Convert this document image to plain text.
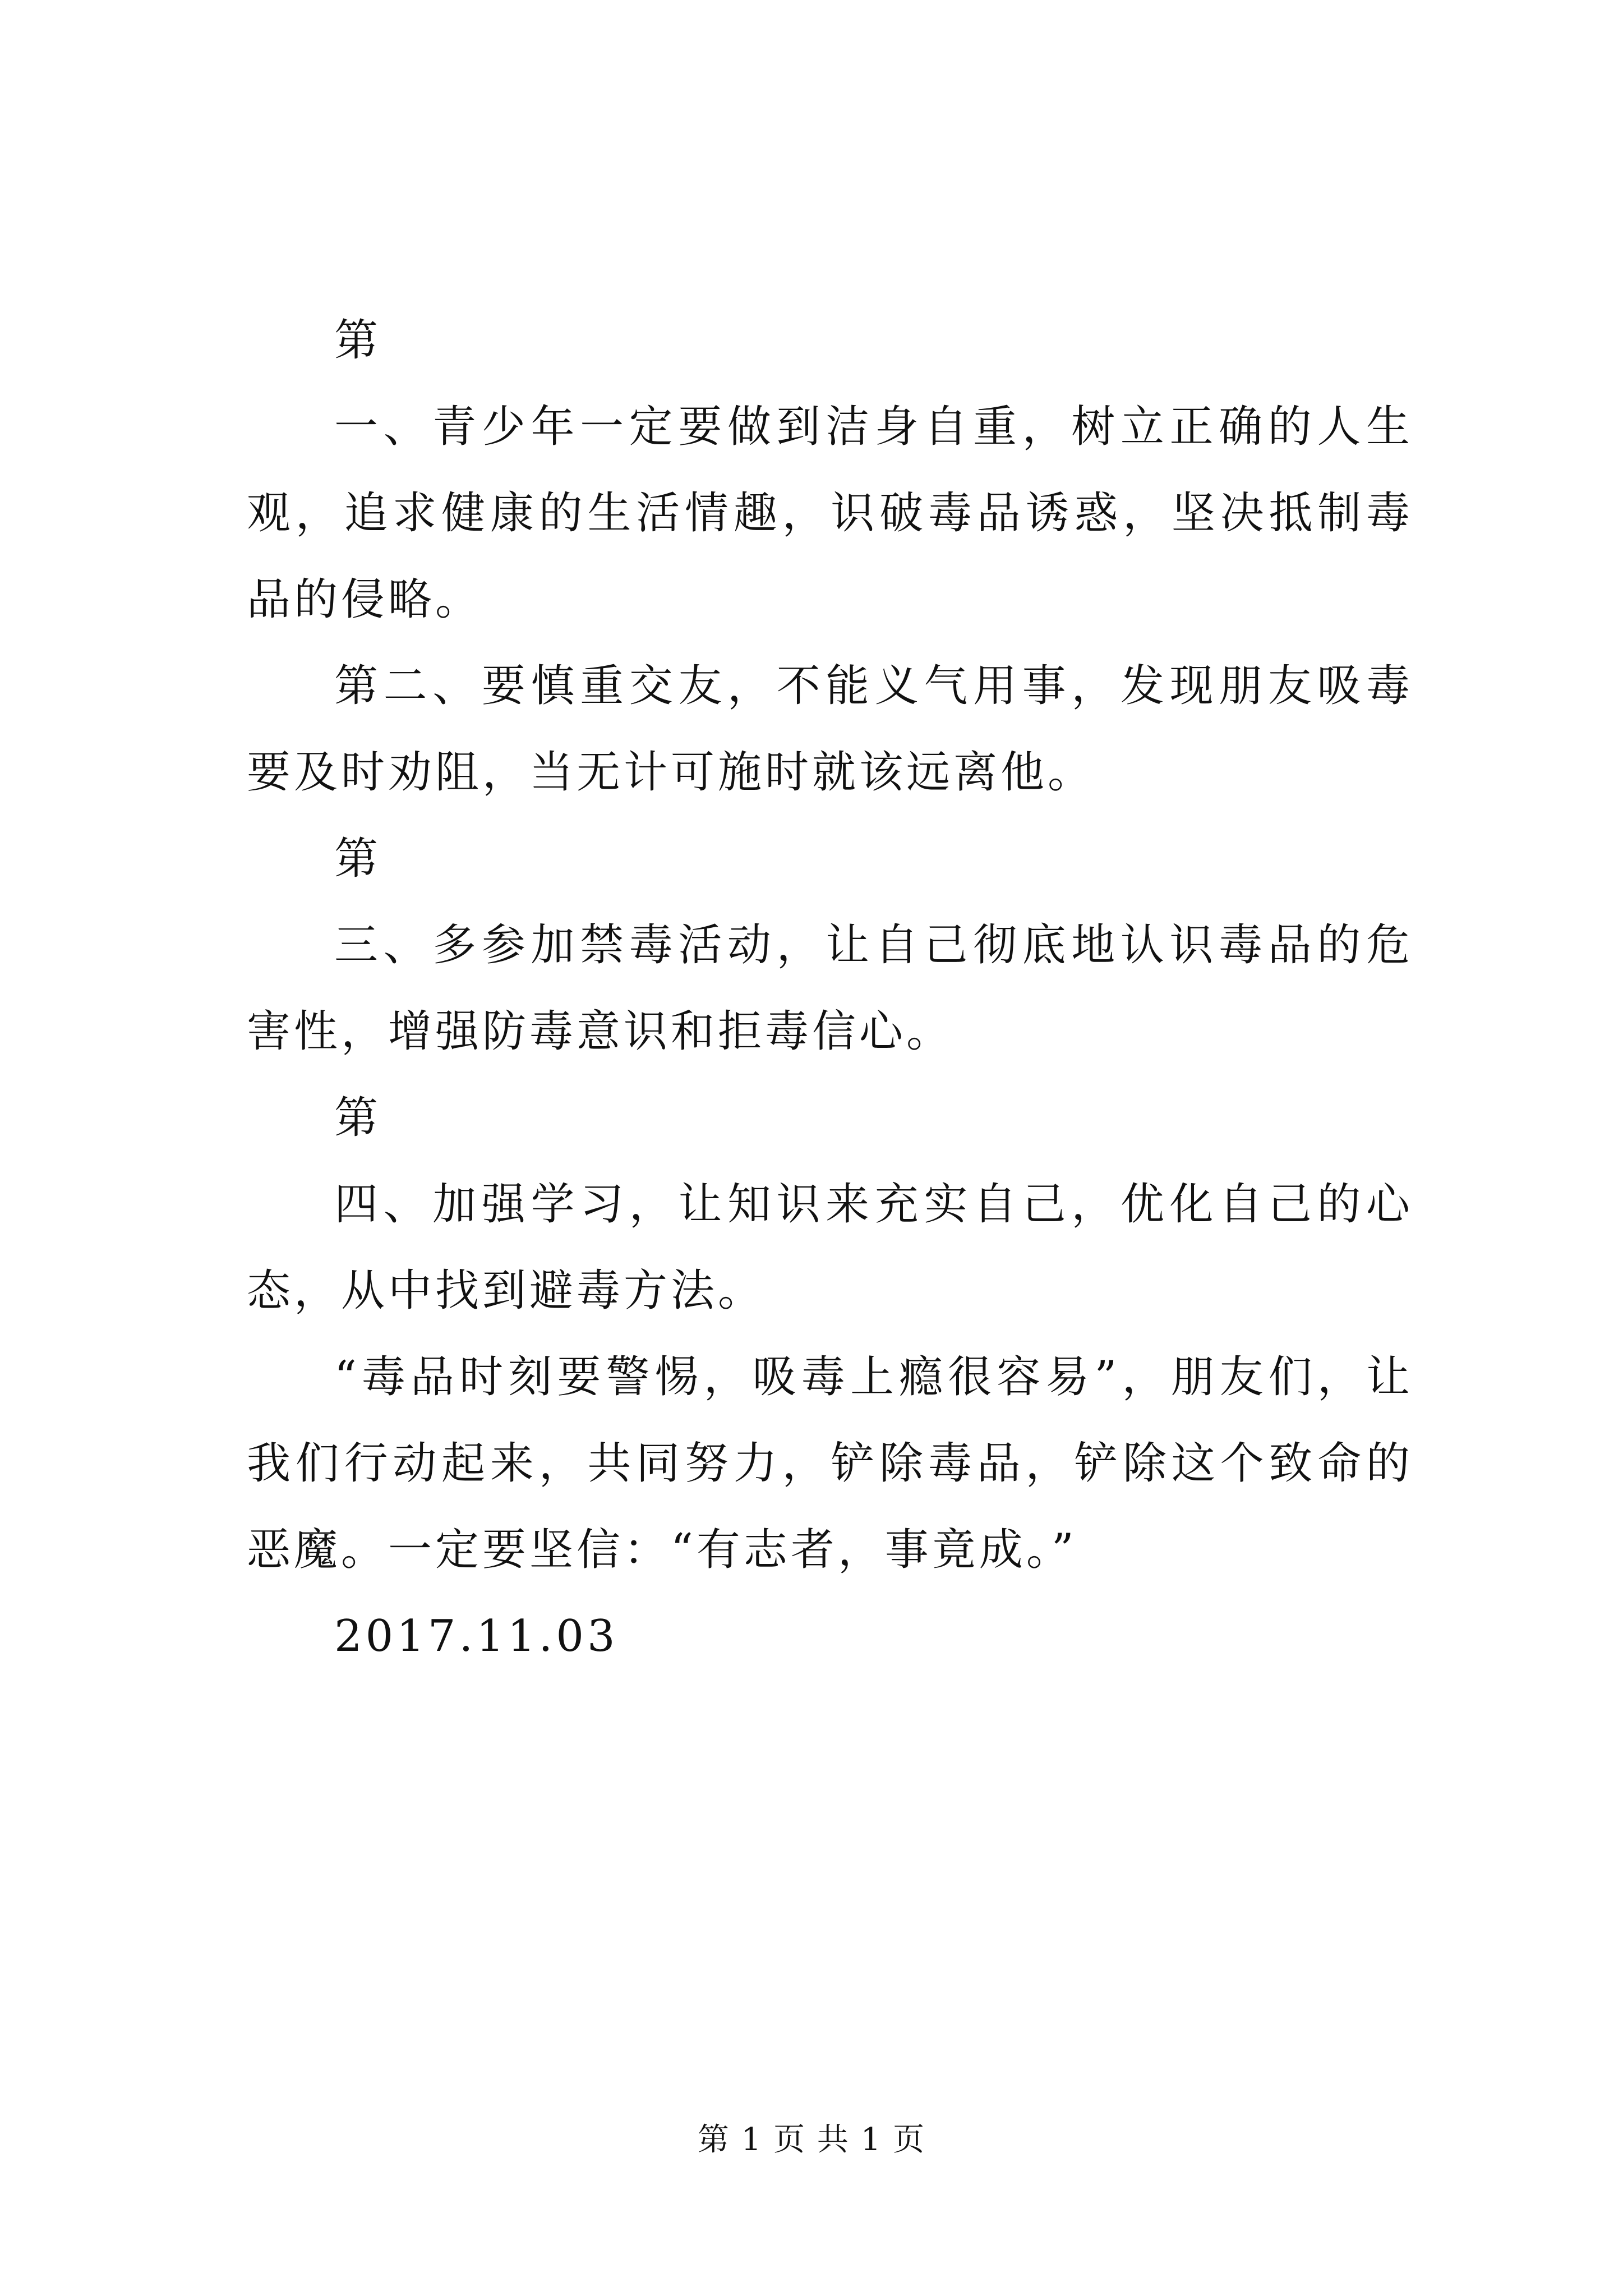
第

一、青少年一定要做到洁身自重，树立正确的人生观，追求健康的生活情趣，识破毒品诱惑，坚决抵制毒品的侵略。

第二、要慎重交友，不能义气用事，发现朋友吸毒要及时劝阻，当无计可施时就该远离他。

第

三、多参加禁毒活动，让自己彻底地认识毒品的危害性，增强防毒意识和拒毒信心。

第

四、加强学习，让知识来充实自己，优化自己的心态，从中找到避毒方法。

“毒品时刻要警惕，吸毒上瘾很容易”，朋友们，让我们行动起来，共同努力，铲除毒品，铲除这个致命的恶魔。一定要坚信：“有志者，事竟成。”

2017.11.03

第 1 页 共 1 页
